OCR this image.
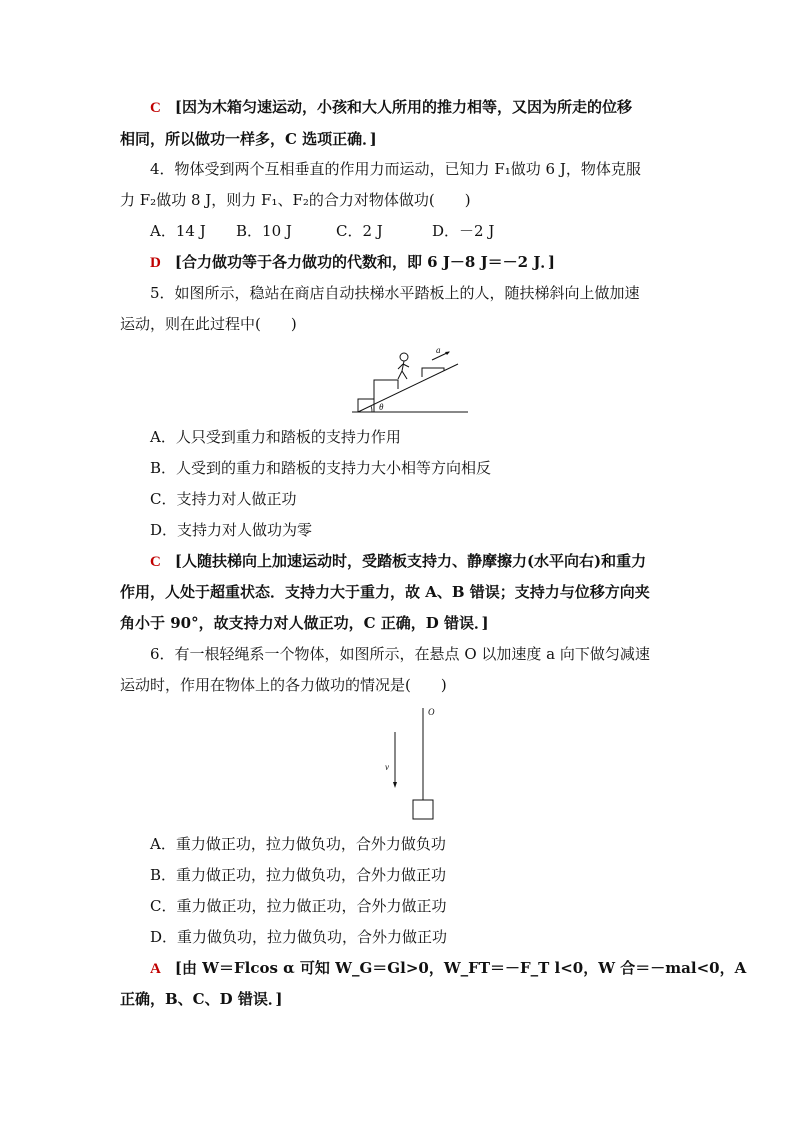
C [因为木箱匀速运动，小孩和大人所用的推力相等，又因为所走的位移
相同，所以做功一样多，C 选项正确．]
4．物体受到两个互相垂直的作用力而运动，已知力 F₁做功 6 J，物体克服
力 F₂做功 8 J，则力 F₁、F₂的合力对物体做功(　　)
A．14 J B．10 J	C．2 J	D．－2 J
D [合力做功等于各力做功的代数和，即 6 J－8 J＝－2 J．]
5．如图所示，稳站在商店自动扶梯水平踏板上的人，随扶梯斜向上做加速
运动，则在此过程中(　　)
a
θ
A．人只受到重力和踏板的支持力作用
B．人受到的重力和踏板的支持力大小相等方向相反
C．支持力对人做正功
D．支持力对人做功为零
C [人随扶梯向上加速运动时，受踏板支持力、静摩擦力(水平向右)和重力
作用，人处于超重状态．支持力大于重力，故 A、B 错误；支持力与位移方向夹
角小于 90°，故支持力对人做正功，C 正确，D 错误．]
6．有一根轻绳系一个物体，如图所示，在悬点 O 以加速度 a 向下做匀减速
运动时，作用在物体上的各力做功的情况是(　　)
O
v
A．重力做正功，拉力做负功，合外力做负功
B．重力做正功，拉力做负功，合外力做正功
C．重力做正功，拉力做正功，合外力做正功
D．重力做负功，拉力做负功，合外力做正功
A [由 W＝Flcos α 可知 W_G＝Gl>0，W_FT＝－F_T l<0，W 合＝－mal<0，A
正确，B、C、D 错误．]
